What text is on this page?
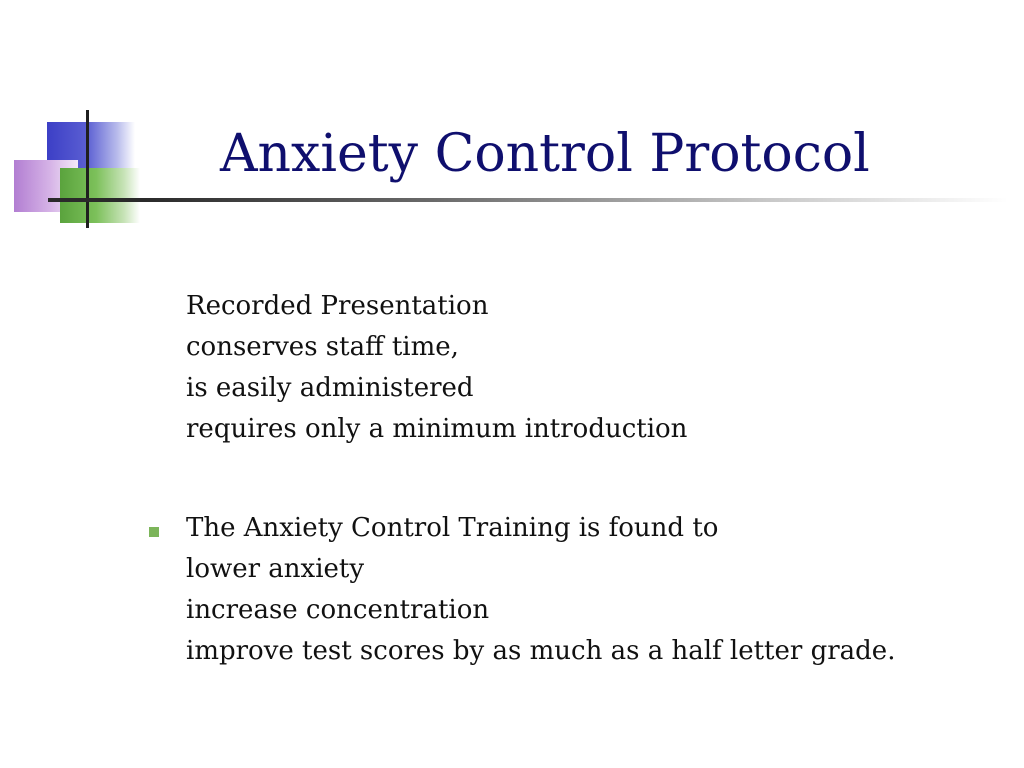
Anxiety Control Protocol
Recorded Presentation
conserves staff time,
is easily administered
requires only a minimum introduction
The Anxiety Control Training is found to
lower anxiety
increase concentration
improve test scores by as much as a half letter grade.
